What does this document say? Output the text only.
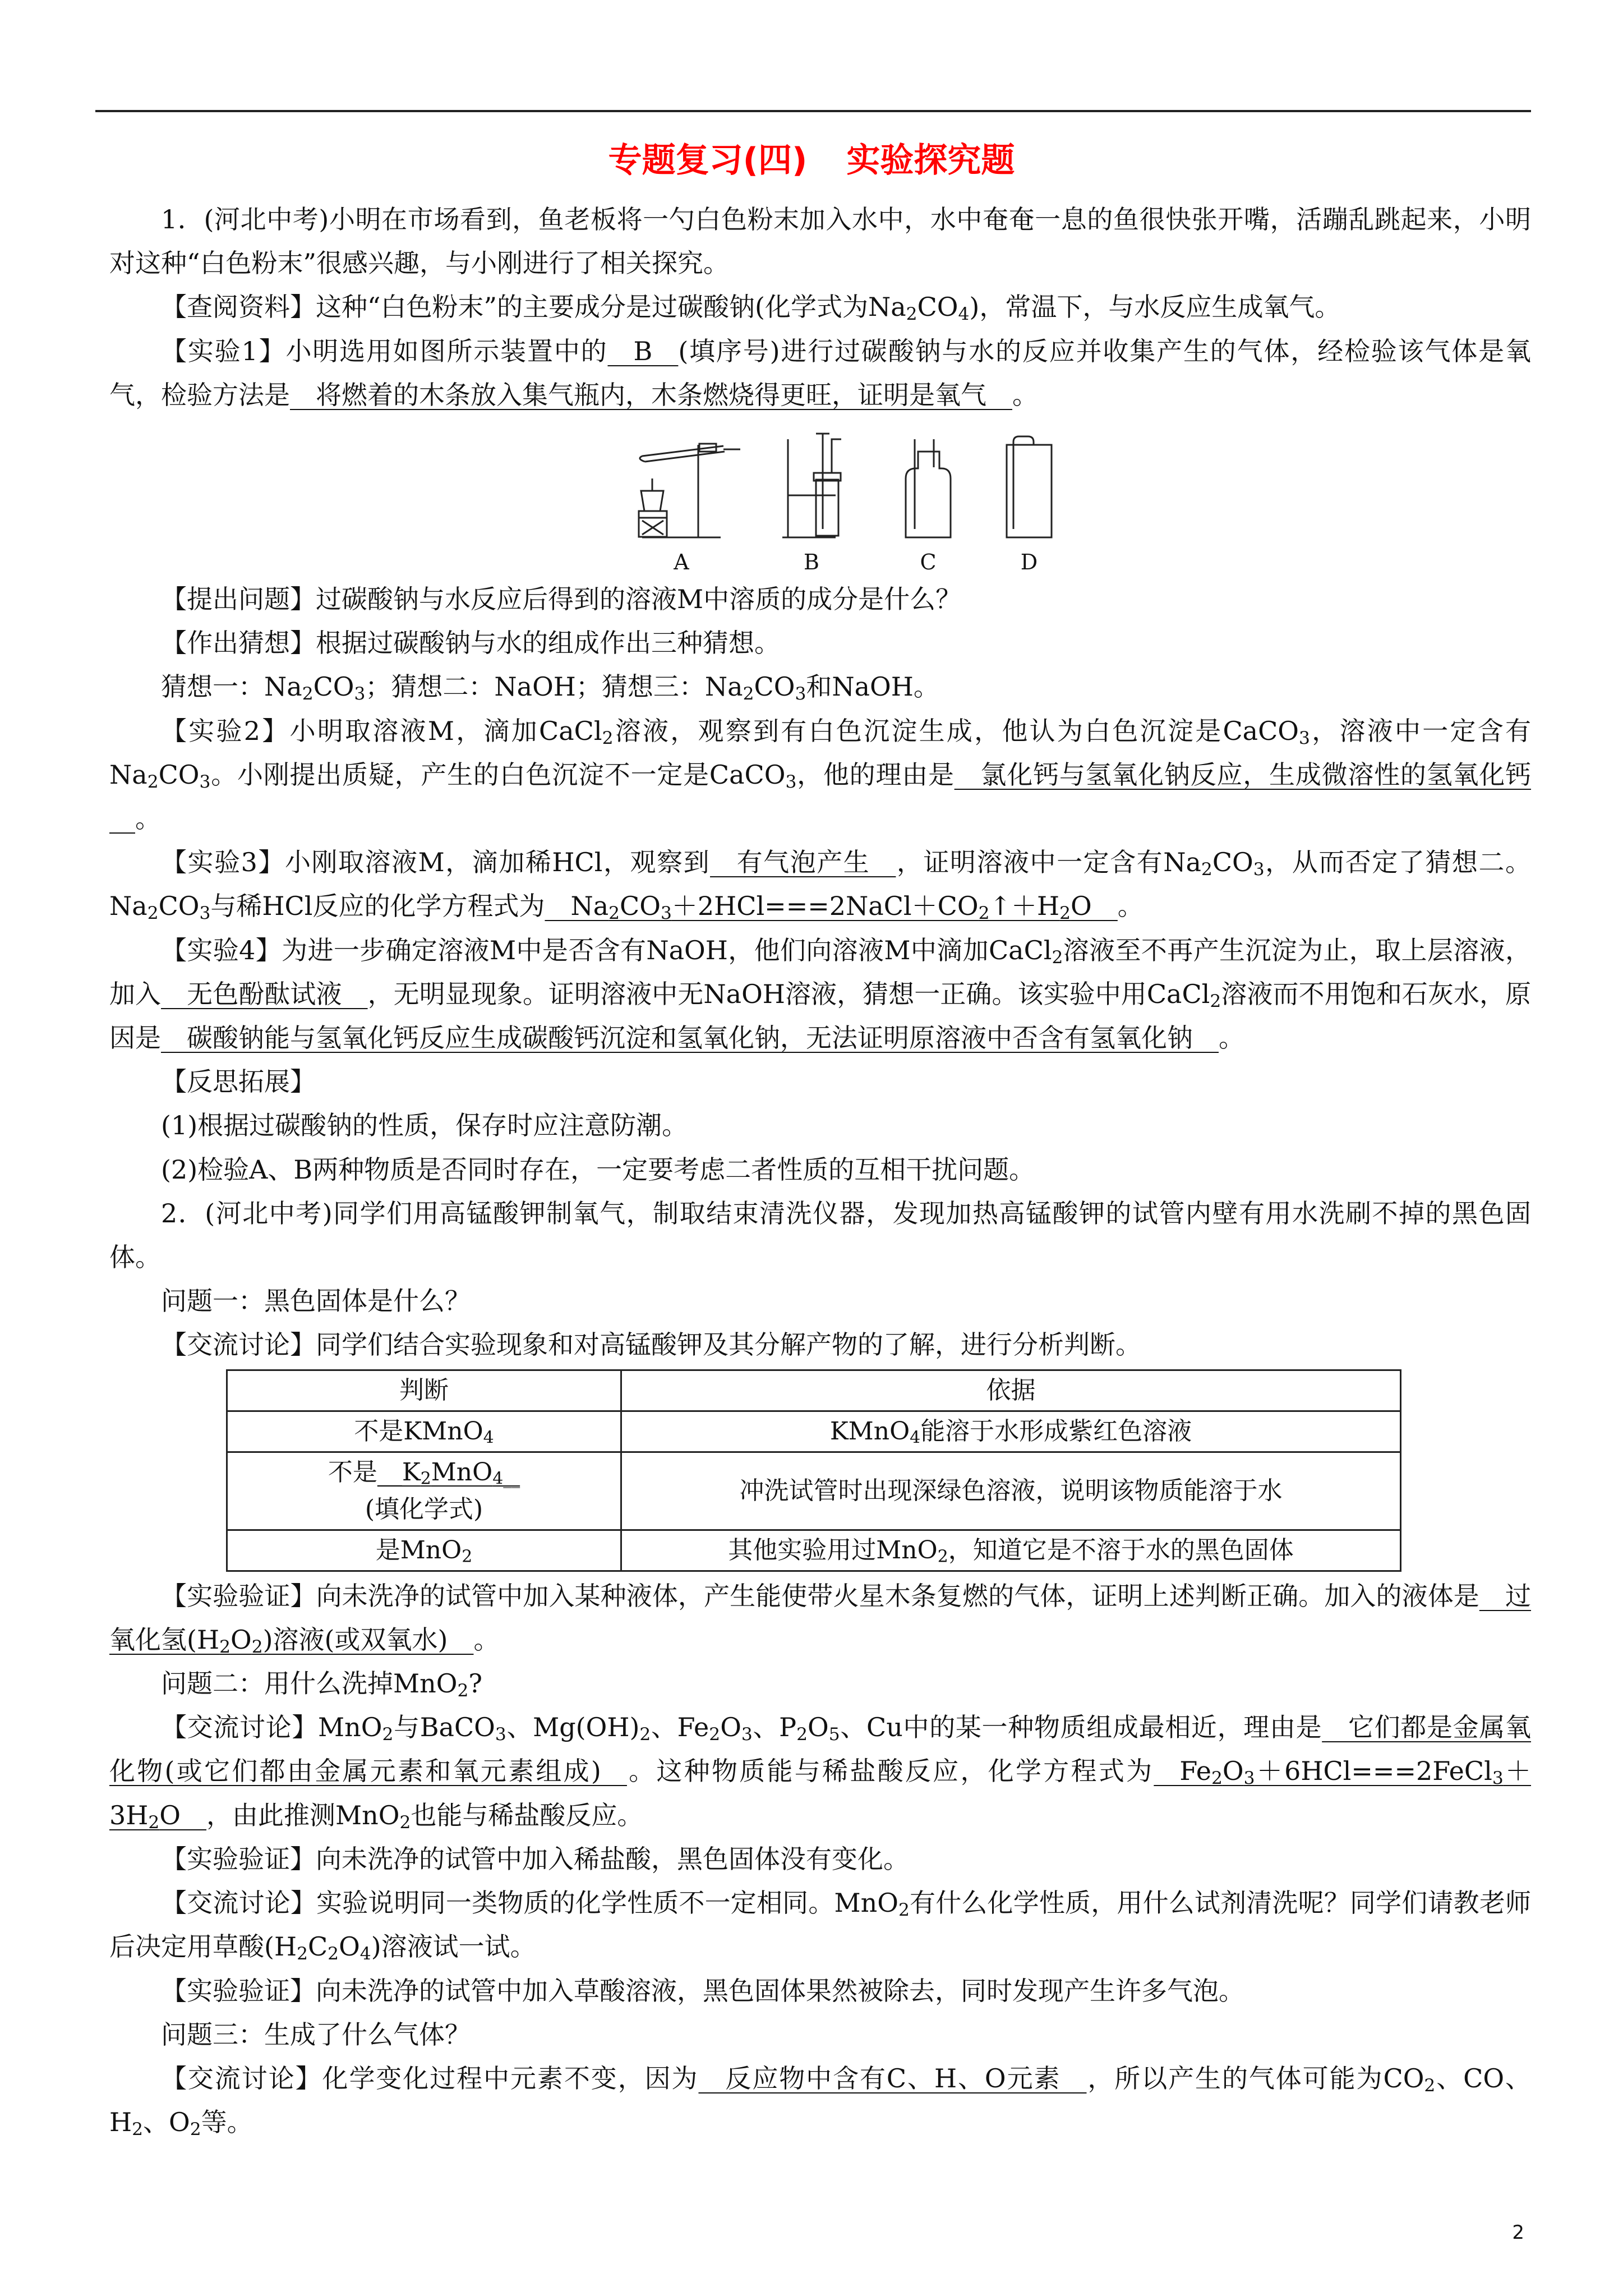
专题复习(四) 实验探究题

1．(河北中考)小明在市场看到，鱼老板将一勺白色粉末加入水中，水中奄奄一息的鱼很快张开嘴，活蹦乱跳起来，小明对这种“白色粉末”很感兴趣，与小刚进行了相关探究。

【查阅资料】这种“白色粉末”的主要成分是过碳酸钠(化学式为$Na_2CO_4$)，常温下，与水反应生成氧气。

【实验1】小明选用如图所示装置中的__B__(填序号)进行过碳酸钠与水的反应并收集产生的气体，经检验该气体是氧气，检验方法是__将燃着的木条放入集气瓶内，木条燃烧得更旺，证明是氧气__。

A	B	C	D

【提出问题】过碳酸钠与水反应后得到的溶液M中溶质的成分是什么？

【作出猜想】根据过碳酸钠与水的组成作出三种猜想。

猜想一：$Na_2CO_3$；猜想二：NaOH；猜想三：$Na_2CO_3$和NaOH。

【实验2】小明取溶液M，滴加CaCl$_2$溶液，观察到有白色沉淀生成，他认为白色沉淀是CaCO$_3$，溶液中一定含有$Na_2CO_3$。小刚提出质疑，产生的白色沉淀不一定是CaCO$_3$，他的理由是__氯化钙与氢氧化钠反应，生成微溶性的氢氧化钙__。

【实验3】小刚取溶液M，滴加稀HCl，观察到__有气泡产生__，证明溶液中一定含有$Na_2CO_3$，从而否定了猜想二。$Na_2CO_3$与稀HCl反应的化学方程式为$\_\_Na_2CO_3+2HCl===2NaCl+CO_2↑+H_2O\_\_$。

【实验4】为进一步确定溶液M中是否含有NaOH，他们向溶液M中滴加CaCl$_2$溶液至不再产生沉淀为止，取上层溶液，加入__无色酚酞试液__，无明显现象。证明溶液中无NaOH溶液，猜想一正确。该实验中用CaCl$_2$溶液而不用饱和石灰水，原因是__碳酸钠能与氢氧化钙反应生成碳酸钙沉淀和氢氧化钠，无法证明原溶液中否含有氢氧化钠__。

【反思拓展】

(1)根据过碳酸钠的性质，保存时应注意防潮。

(2)检验A、B两种物质是否同时存在，一定要考虑二者性质的互相干扰问题。

2．(河北中考)同学们用高锰酸钾制氧气，制取结束清洗仪器，发现加热高锰酸钾的试管内壁有用水洗刷不掉的黑色固体。

问题一：黑色固体是什么？

【交流讨论】同学们结合实验现象和对高锰酸钾及其分解产物的了解，进行分析判断。

判断	依据
不是KMnO$_4$	KMnO$_4$能溶于水形成紫红色溶液
不是$\_\_K_2MnO_{4\_\_}$
(填化学式)	冲洗试管时出现深绿色溶液，说明该物质能溶于水
是MnO$_2$	其他实验用过MnO$_2$，知道它是不溶于水的黑色固体

【实验验证】向未洗净的试管中加入某种液体，产生能使带火星木条复燃的气体，证明上述判断正确。加入的液体是__过氧化氢$(H_2O_2)$溶液(或双氧水)__。

问题二：用什么洗掉MnO$_2$?

【交流讨论】MnO$_2$与BaCO$_3$、$Mg(OH)_2$、$Fe_2O_3$、$P_2O_5$、Cu中的某一种物质组成最相近，理由是__它们都是金属氧化物(或它们都由金属元素和氧元素组成)__。这种物质能与稀盐酸反应，化学方程式为$\_\_Fe_2O_3+6HCl===2FeCl_3+3H_2O\_\_$，由此推测MnO$_2$也能与稀盐酸反应。

【实验验证】向未洗净的试管中加入稀盐酸，黑色固体没有变化。

【交流讨论】实验说明同一类物质的化学性质不一定相同。MnO$_2$有什么化学性质，用什么试剂清洗呢？同学们请教老师后决定用草酸$(H_2C_2O_4)$溶液试一试。

【实验验证】向未洗净的试管中加入草酸溶液，黑色固体果然被除去，同时发现产生许多气泡。

问题三：生成了什么气体？

【交流讨论】化学变化过程中元素不变，因为__反应物中含有C、H、O元素__，所以产生的气体可能为$CO_2$、CO、$H_2$、$O_2$等。

2
